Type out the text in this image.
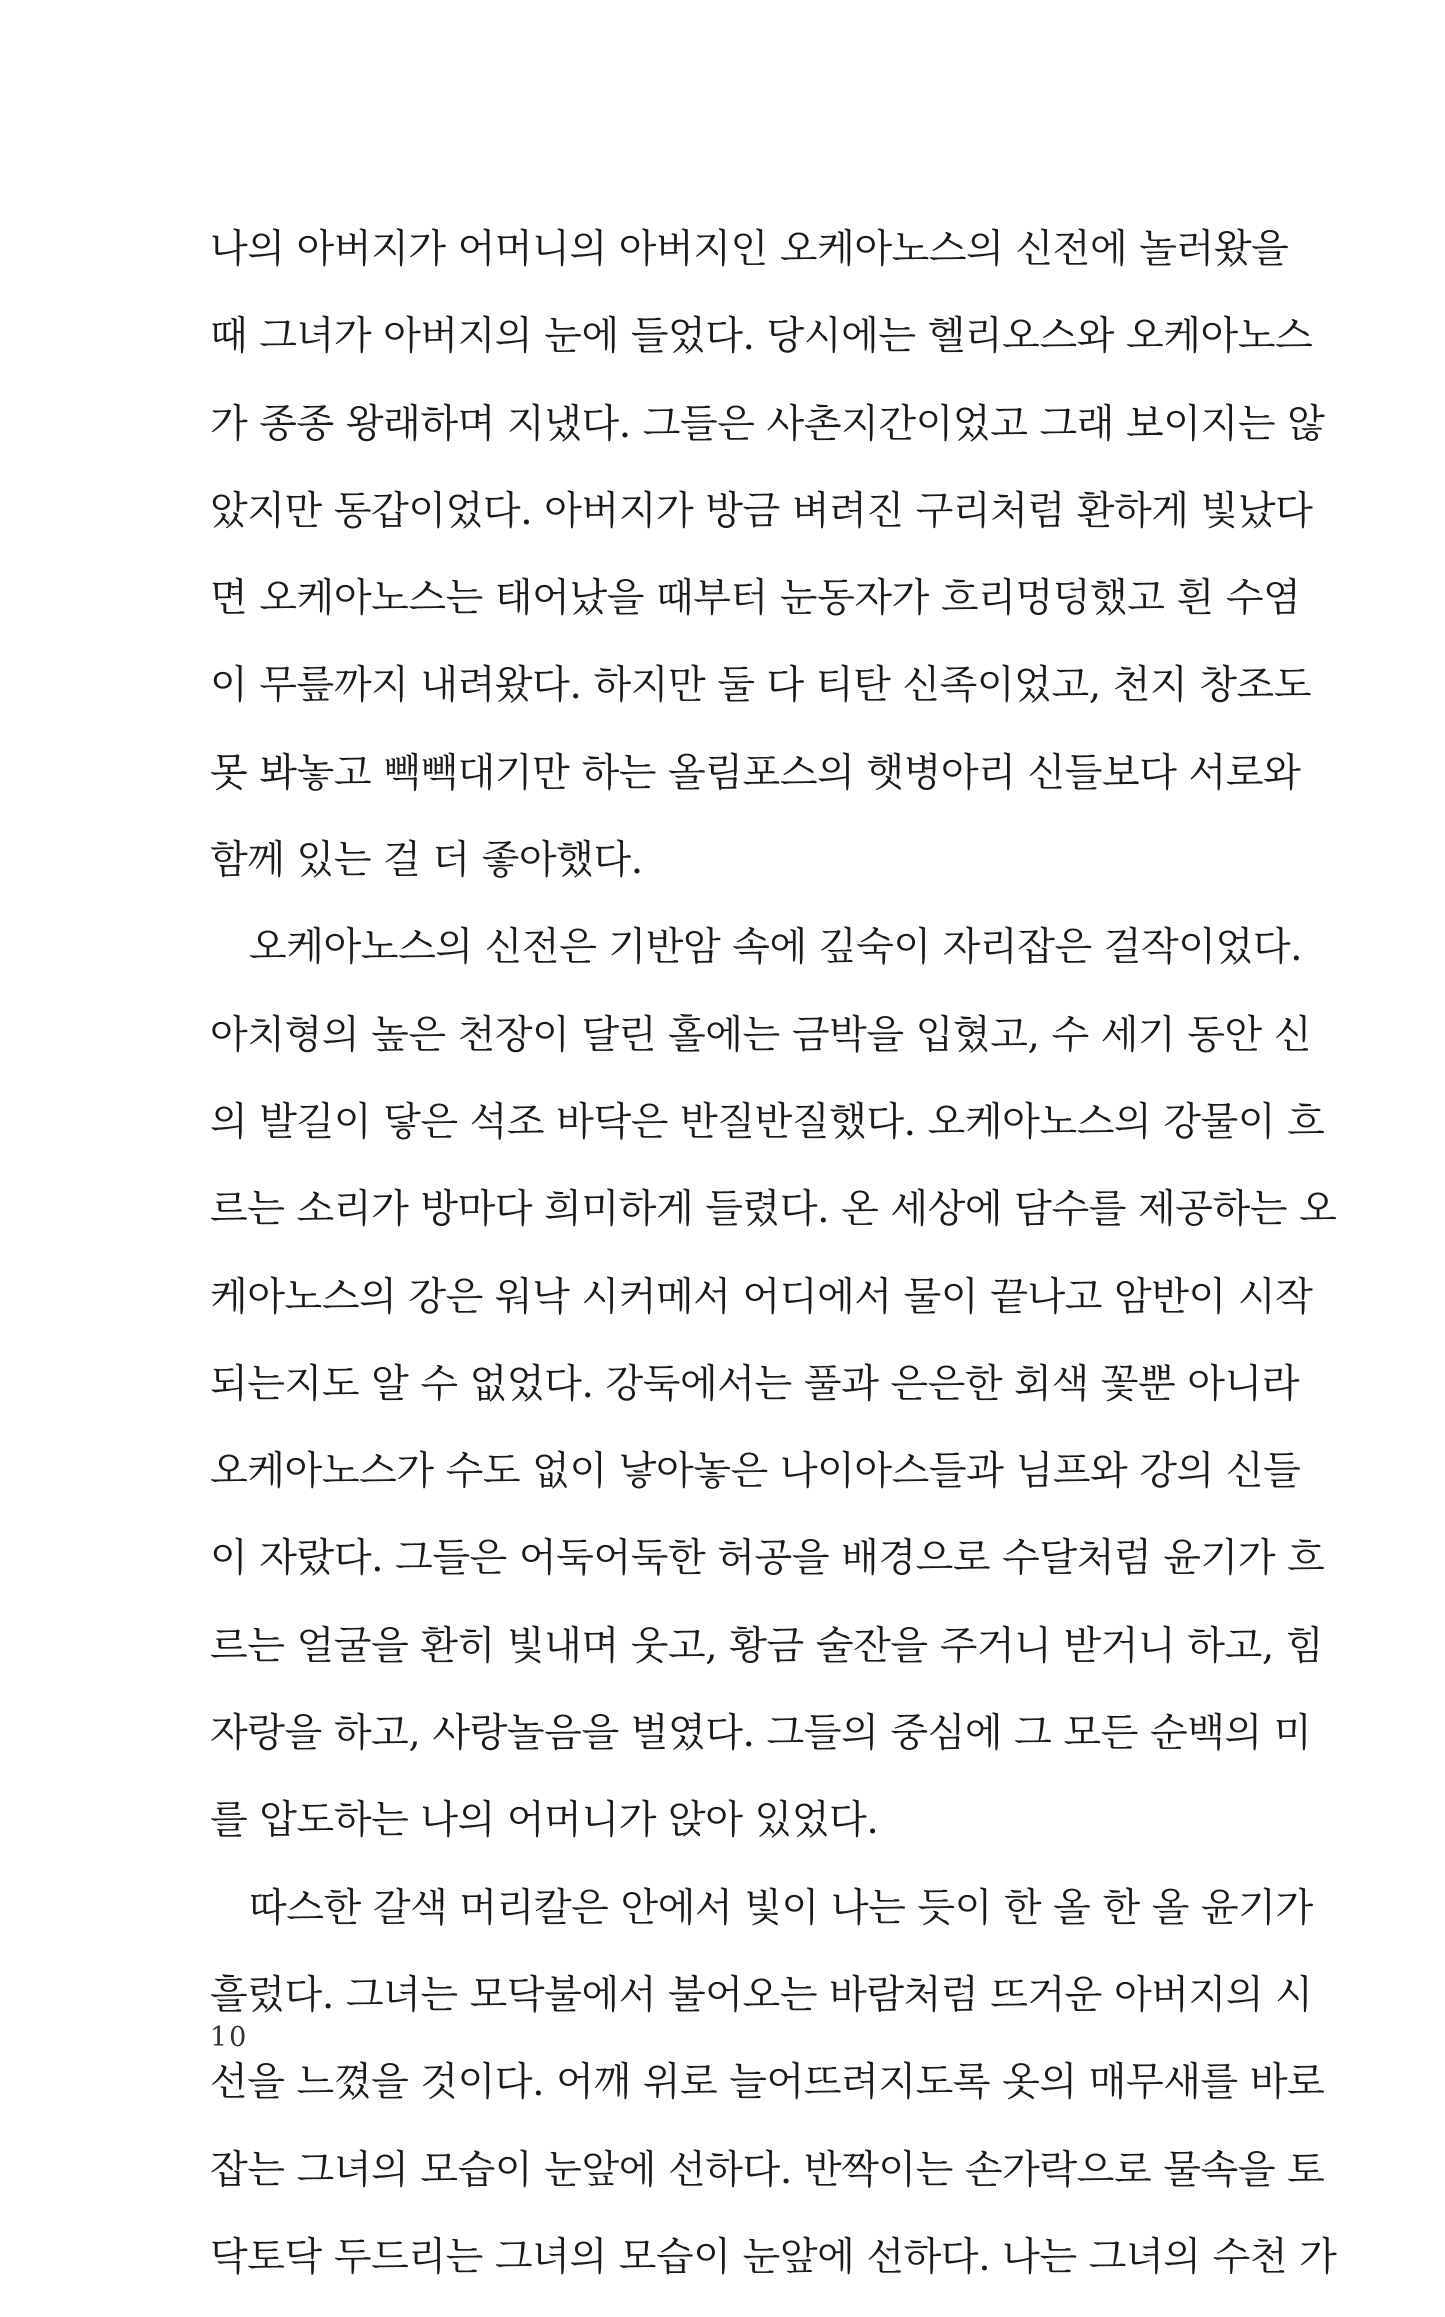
나의 아버지가 어머니의 아버지인 오케아노스의 신전에 놀러왔을
때 그녀가 아버지의 눈에 들었다. 당시에는 헬리오스와 오케아노스
가 종종 왕래하며 지냈다. 그들은 사촌지간이었고 그래 보이지는 않
았지만 동갑이었다. 아버지가 방금 벼려진 구리처럼 환하게 빛났다
면 오케아노스는 태어났을 때부터 눈동자가 흐리멍덩했고 흰 수염
이 무릎까지 내려왔다. 하지만 둘 다 티탄 신족이었고, 천지 창조도
못 봐놓고 빽빽대기만 하는 올림포스의 햇병아리 신들보다 서로와
함께 있는 걸 더 좋아했다.
오케아노스의 신전은 기반암 속에 깊숙이 자리잡은 걸작이었다.
아치형의 높은 천장이 달린 홀에는 금박을 입혔고, 수 세기 동안 신
의 발길이 닿은 석조 바닥은 반질반질했다. 오케아노스의 강물이 흐
르는 소리가 방마다 희미하게 들렸다. 온 세상에 담수를 제공하는 오
케아노스의 강은 워낙 시커메서 어디에서 물이 끝나고 암반이 시작
되는지도 알 수 없었다. 강둑에서는 풀과 은은한 회색 꽃뿐 아니라
오케아노스가 수도 없이 낳아놓은 나이아스들과 님프와 강의 신들
이 자랐다. 그들은 어둑어둑한 허공을 배경으로 수달처럼 윤기가 흐
르는 얼굴을 환히 빛내며 웃고, 황금 술잔을 주거니 받거니 하고, 힘
자랑을 하고, 사랑놀음을 벌였다. 그들의 중심에 그 모든 순백의 미
를 압도하는 나의 어머니가 앉아 있었다.
따스한 갈색 머리칼은 안에서 빛이 나는 듯이 한 올 한 올 윤기가
흘렀다. 그녀는 모닥불에서 불어오는 바람처럼 뜨거운 아버지의 시
선을 느꼈을 것이다. 어깨 위로 늘어뜨려지도록 옷의 매무새를 바로
잡는 그녀의 모습이 눈앞에 선하다. 반짝이는 손가락으로 물속을 토
닥토닥 두드리는 그녀의 모습이 눈앞에 선하다. 나는 그녀의 수천 가
10
